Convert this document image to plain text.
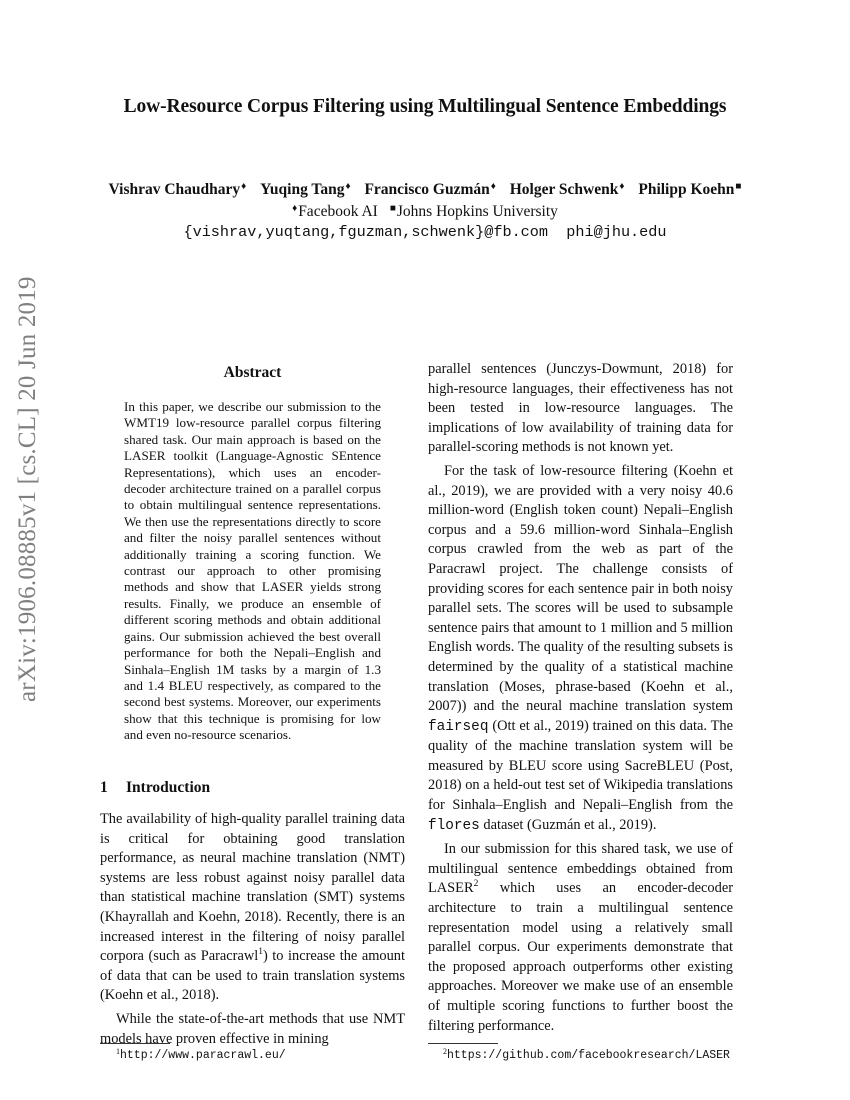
Low-Resource Corpus Filtering using Multilingual Sentence Embeddings
Vishrav Chaudhary♦ Yuqing Tang♦ Francisco Guzmán♦ Holger Schwenk♦ Philipp Koehn■
♦Facebook AI ■Johns Hopkins University
{vishrav,yuqtang,fguzman,schwenk}@fb.com  phi@jhu.edu
arXiv:1906.08885v1 [cs.CL] 20 Jun 2019	Abstract
In this paper, we describe our submission to the WMT19 low-resource parallel corpus filtering shared task. Our main approach is based on the LASER toolkit (Language-Agnostic SEntence Representations), which uses an encoder-decoder architecture trained on a parallel corpus to obtain multilingual sentence representations. We then use the representations directly to score and filter the noisy parallel sentences without additionally training a scoring function. We contrast our approach to other promising methods and show that LASER yields strong results. Finally, we produce an ensemble of different scoring methods and obtain additional gains. Our submission achieved the best overall performance for both the Nepali–English and Sinhala–English 1M tasks by a margin of 1.3 and 1.4 BLEU respectively, as compared to the second best systems. Moreover, our experiments show that this technique is promising for low and even no-resource scenarios.
1 Introduction

The availability of high-quality parallel training data is critical for obtaining good translation performance, as neural machine translation (NMT) systems are less robust against noisy parallel data than statistical machine translation (SMT) systems (Khayrallah and Koehn, 2018). Recently, there is an increased interest in the filtering of noisy parallel corpora (such as Paracrawl$^1$) to increase the amount of data that can be used to train translation systems (Koehn et al., 2018).

While the state-of-the-art methods that use NMT models have proven effective in mining

parallel sentences (Junczys-Dowmunt, 2018) for high-resource languages, their effectiveness has not been tested in low-resource languages. The implications of low availability of training data for parallel-scoring methods is not known yet.

For the task of low-resource filtering (Koehn et al., 2019), we are provided with a very noisy 40.6 million-word (English token count) Nepali–English corpus and a 59.6 million-word Sinhala–English corpus crawled from the web as part of the Paracrawl project. The challenge consists of providing scores for each sentence pair in both noisy parallel sets. The scores will be used to subsample sentence pairs that amount to 1 million and 5 million English words. The quality of the resulting subsets is determined by the quality of a statistical machine translation (Moses, phrase-based (Koehn et al., 2007)) and the neural machine translation system fairseq (Ott et al., 2019) trained on this data. The quality of the machine translation system will be measured by BLEU score using SacreBLEU (Post, 2018) on a held-out test set of Wikipedia translations for Sinhala–English and Nepali–English from the flores dataset (Guzmán et al., 2019).

In our submission for this shared task, we use of multilingual sentence embeddings obtained from LASER$^2$ which uses an encoder-decoder architecture to train a multilingual sentence representation model using a relatively small parallel corpus. Our experiments demonstrate that the proposed approach outperforms other existing approaches. Moreover we make use of an ensemble of multiple scoring functions to further boost the filtering performance.

$^1$http://www.paracrawl.eu/	$^2$https://github.com/facebookresearch/LASER
